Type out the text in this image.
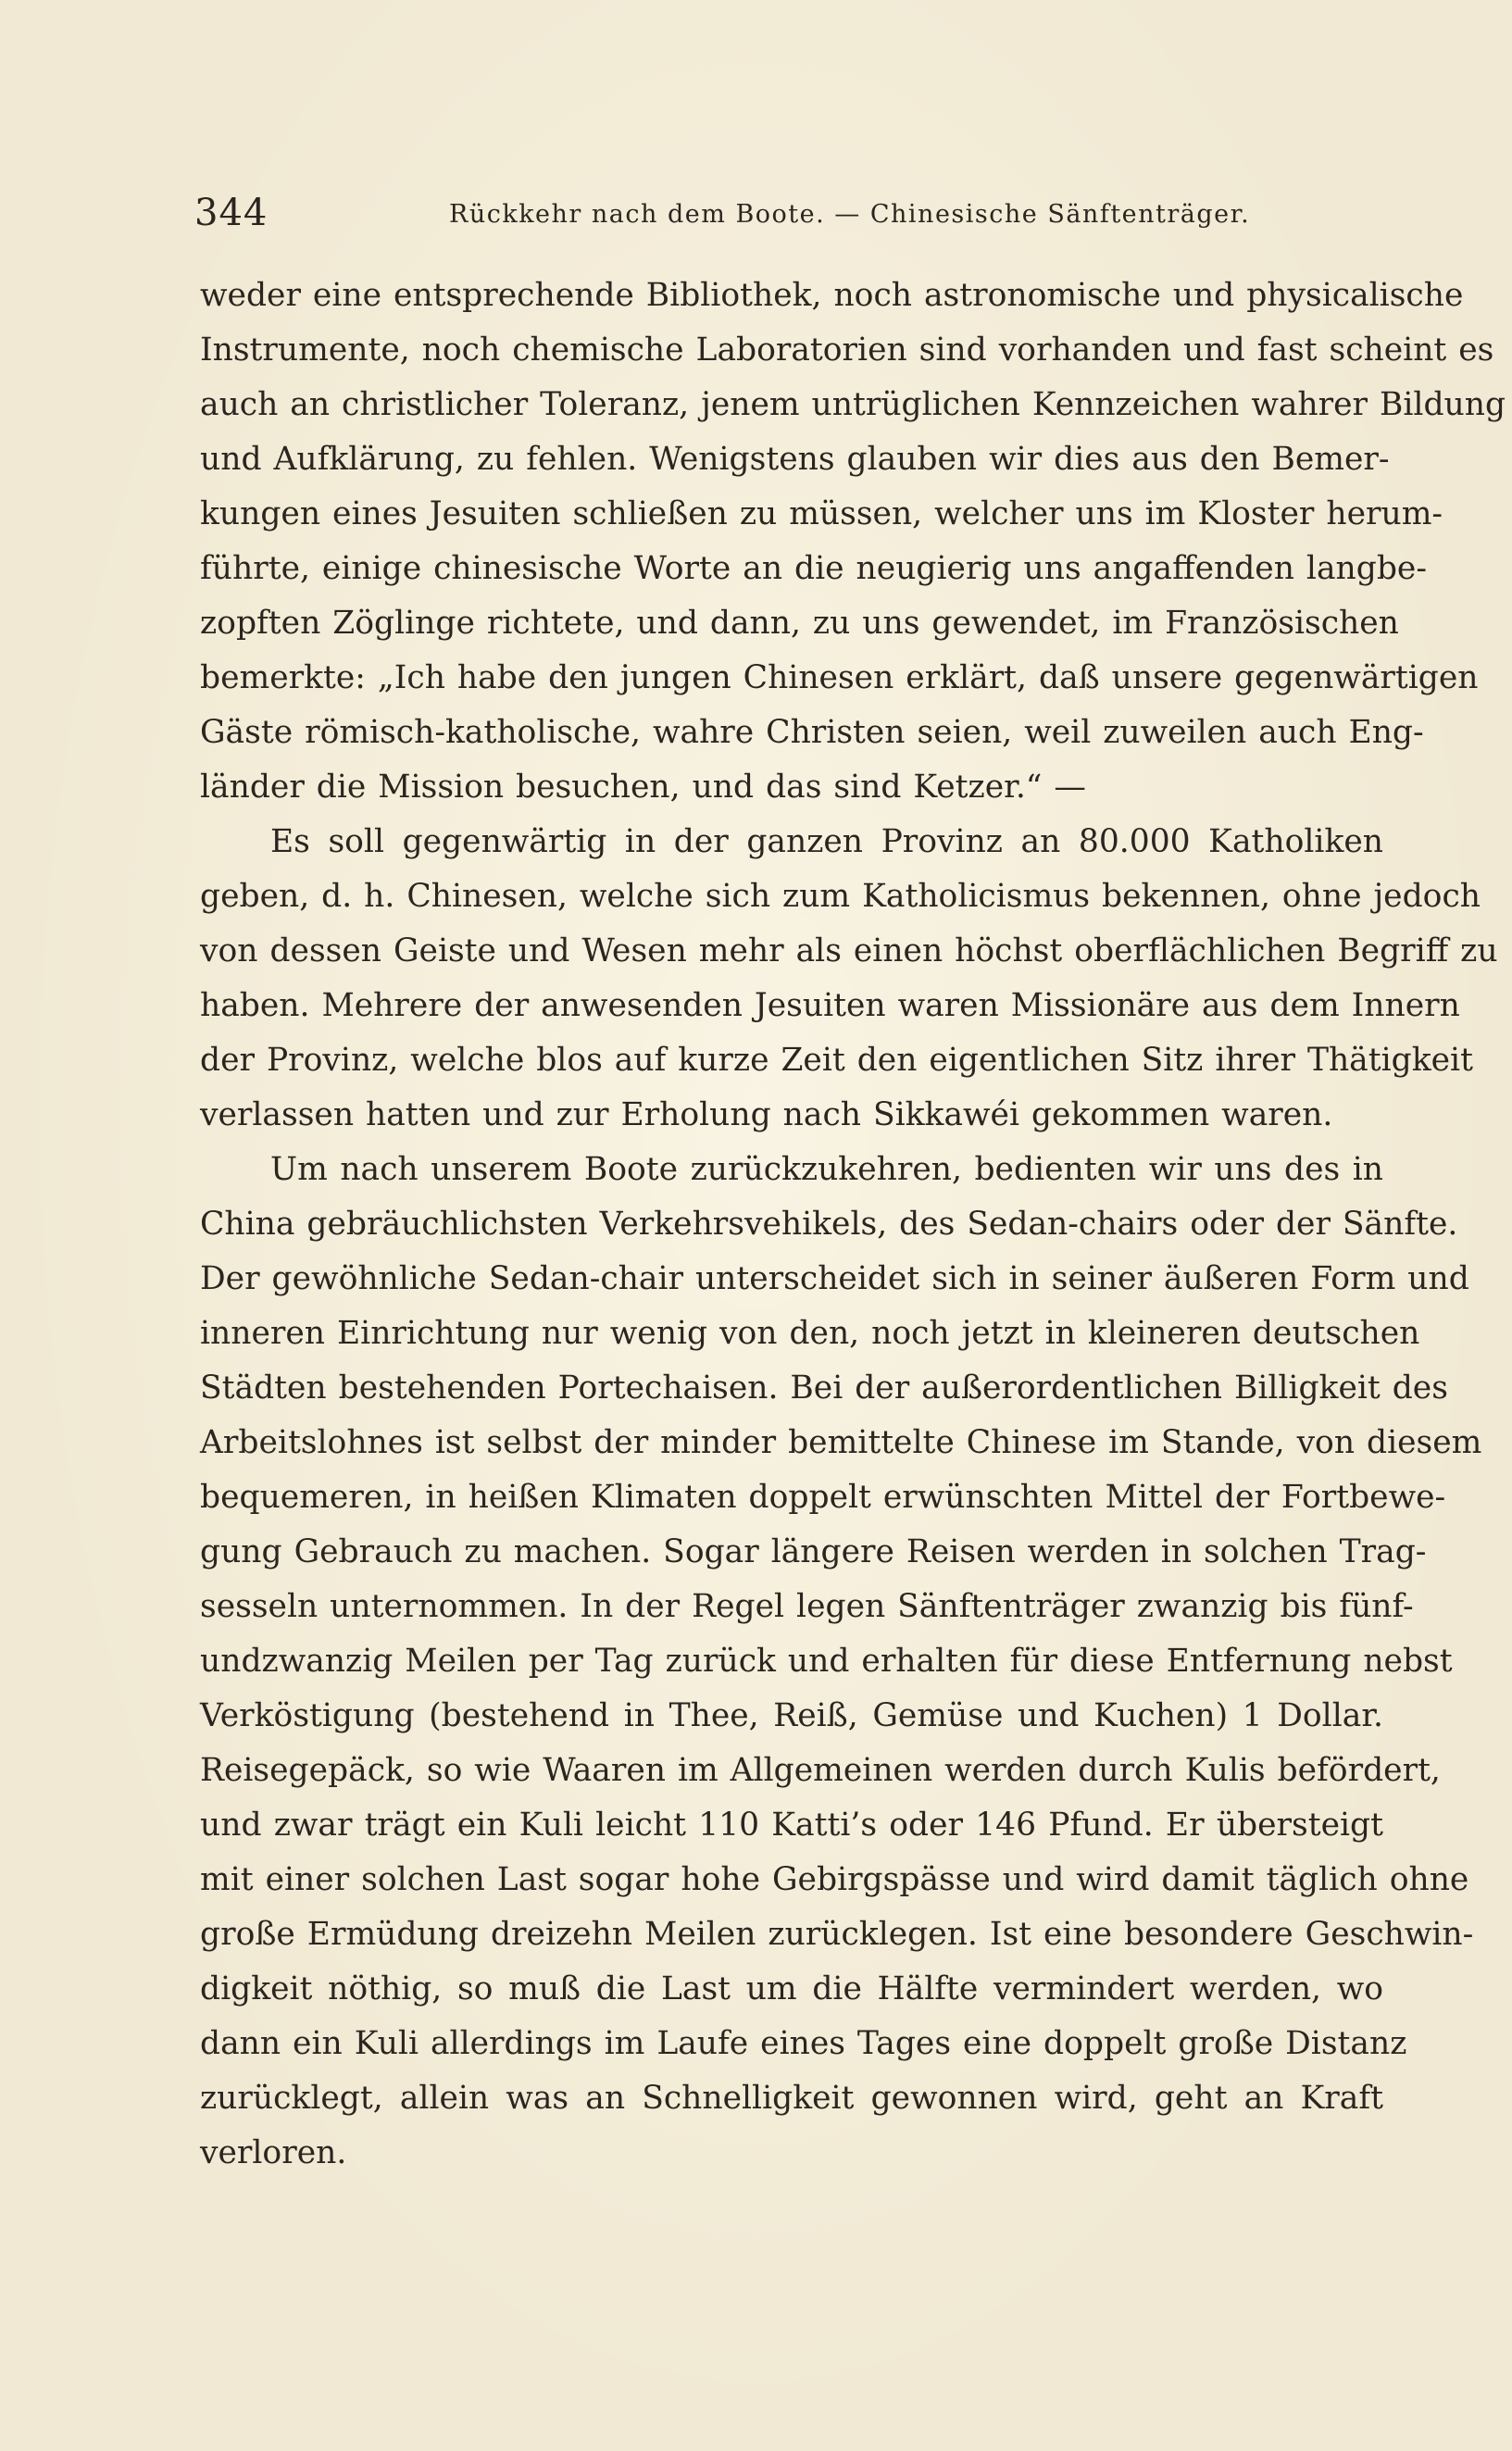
344	Rückkehr nach dem Boote. — Chinesische Sänftenträger.
weder eine entsprechende Bibliothek, noch astronomische und physicalische
Instrumente, noch chemische Laboratorien sind vorhanden und fast scheint es
auch an christlicher Toleranz, jenem untrüglichen Kennzeichen wahrer Bildung
und Aufklärung, zu fehlen. Wenigstens glauben wir dies aus den Bemer-
kungen eines Jesuiten schließen zu müssen, welcher uns im Kloster herum-
führte, einige chinesische Worte an die neugierig uns angaffenden langbe-
zopften Zöglinge richtete, und dann, zu uns gewendet, im Französischen
bemerkte: „Ich habe den jungen Chinesen erklärt, daß unsere gegenwärtigen
Gäste römisch-katholische, wahre Christen seien, weil zuweilen auch Eng-
länder die Mission besuchen, und das sind Ketzer.“ —
Es soll gegenwärtig in der ganzen Provinz an 80.000 Katholiken
geben, d. h. Chinesen, welche sich zum Katholicismus bekennen, ohne jedoch
von dessen Geiste und Wesen mehr als einen höchst oberflächlichen Begriff zu
haben. Mehrere der anwesenden Jesuiten waren Missionäre aus dem Innern
der Provinz, welche blos auf kurze Zeit den eigentlichen Sitz ihrer Thätigkeit
verlassen hatten und zur Erholung nach Sikkawéi gekommen waren.
Um nach unserem Boote zurückzukehren, bedienten wir uns des in
China gebräuchlichsten Verkehrsvehikels, des Sedan-chairs oder der Sänfte.
Der gewöhnliche Sedan-chair unterscheidet sich in seiner äußeren Form und
inneren Einrichtung nur wenig von den, noch jetzt in kleineren deutschen
Städten bestehenden Portechaisen. Bei der außerordentlichen Billigkeit des
Arbeitslohnes ist selbst der minder bemittelte Chinese im Stande, von diesem
bequemeren, in heißen Klimaten doppelt erwünschten Mittel der Fortbewe-
gung Gebrauch zu machen. Sogar längere Reisen werden in solchen Trag-
sesseln unternommen. In der Regel legen Sänftenträger zwanzig bis fünf-
undzwanzig Meilen per Tag zurück und erhalten für diese Entfernung nebst
Verköstigung (bestehend in Thee, Reiß, Gemüse und Kuchen) 1 Dollar.
Reisegepäck, so wie Waaren im Allgemeinen werden durch Kulis befördert,
und zwar trägt ein Kuli leicht 110 Katti’s oder 146 Pfund. Er übersteigt
mit einer solchen Last sogar hohe Gebirgspässe und wird damit täglich ohne
große Ermüdung dreizehn Meilen zurücklegen. Ist eine besondere Geschwin-
digkeit nöthig, so muß die Last um die Hälfte vermindert werden, wo
dann ein Kuli allerdings im Laufe eines Tages eine doppelt große Distanz
zurücklegt, allein was an Schnelligkeit gewonnen wird, geht an Kraft
verloren.
